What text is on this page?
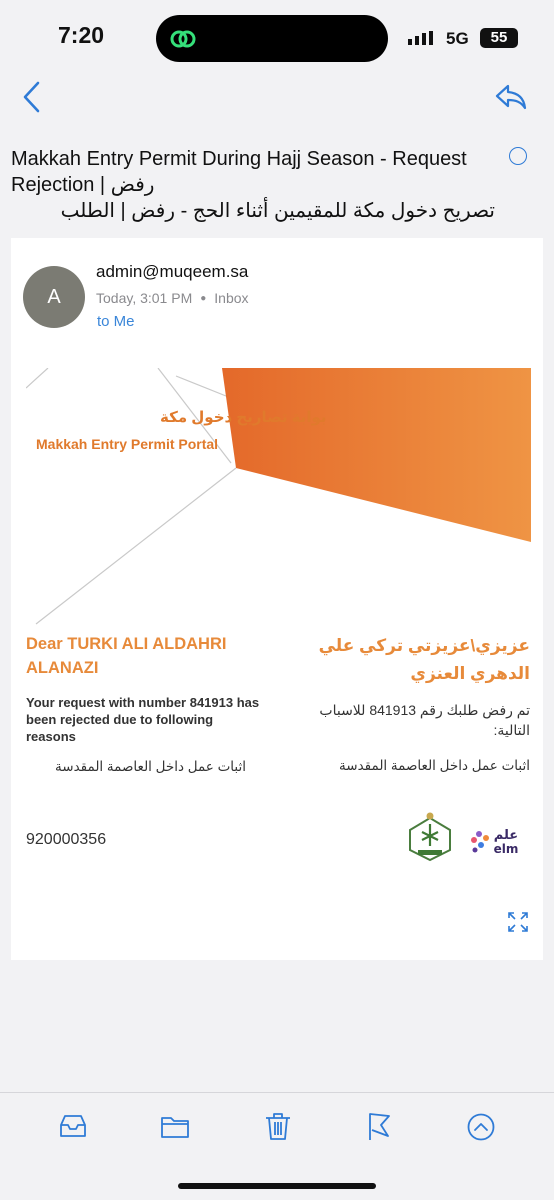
7:20	5G	55
Makkah Entry Permit During Hajj Season - Request Rejection | رفض
تصريح دخول مكة للمقيمين أثناء الحج - رفض | الطلب
A
admin@muqeem.sa
Today, 3:01 PM ● Inbox
to Me
بوابة تصاريح دخول مكة
Makkah Entry Permit Portal
Dear TURKI ALI ALDAHRI ALANAZI
عزيزي\عزيزتي تركي علي الدهري العنزي
Your request with number 841913 has been rejected due to following reasons
تم رفض طلبك رقم 841913 للاسباب التالية:
اثبات عمل داخل العاصمة المقدسة	اثبات عمل داخل العاصمة المقدسة
920000356	علم
elm
